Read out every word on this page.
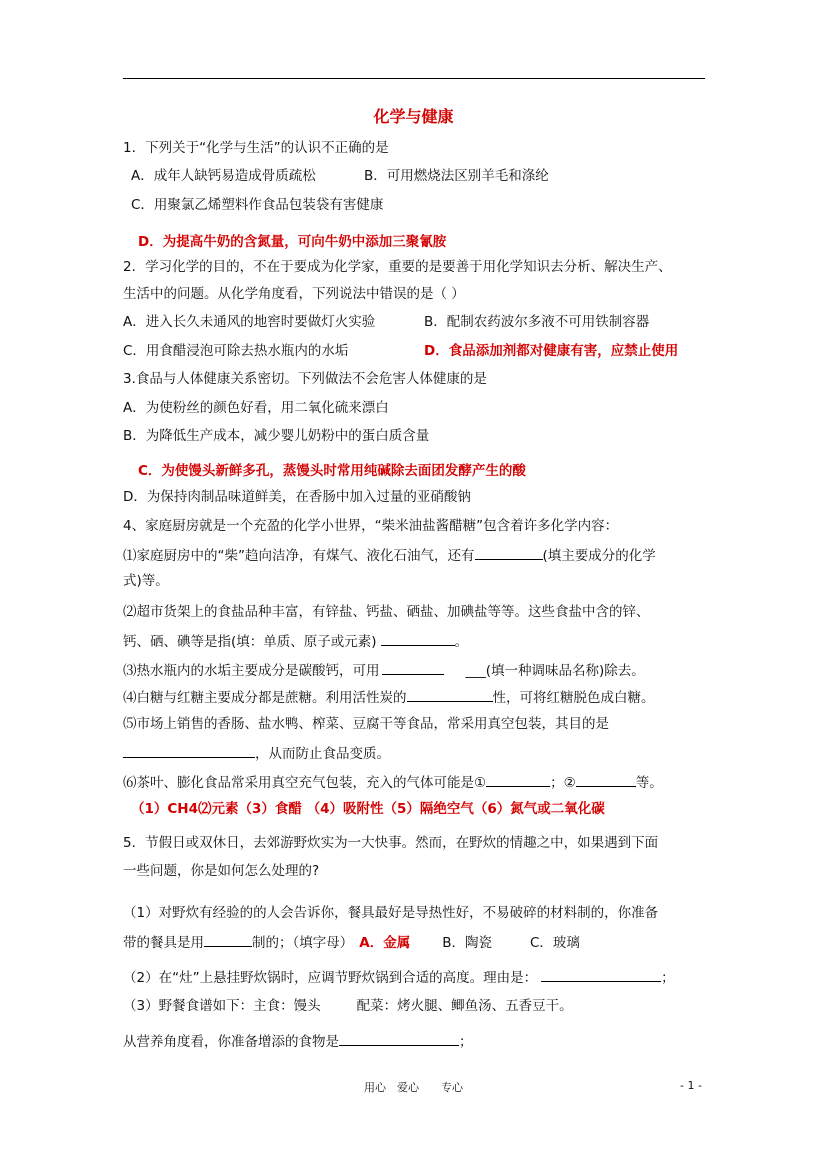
化学与健康
1．下列关于“化学与生活”的认识不正确的是
A．成年人缺钙易造成骨质疏松	B．可用燃烧法区别羊毛和涤纶
C．用聚氯乙烯塑料作食品包装袋有害健康
D．为提高牛奶的含氮量，可向牛奶中添加三聚氰胺
2．学习化学的目的，不在于要成为化学家，重要的是要善于用化学知识去分析、解决生产、
生活中的问题。从化学角度看，下列说法中错误的是（ ）
A．进入长久未通风的地窖时要做灯火实验	B．配制农药波尔多液不可用铁制容器
C．用食醋浸泡可除去热水瓶内的水垢	D．食品添加剂都对健康有害，应禁止使用
3.食品与人体健康关系密切。下列做法不会危害人体健康的是
A．为使粉丝的颜色好看，用二氧化硫来漂白
B．为降低生产成本，减少婴儿奶粉中的蛋白质含量
C．为使馒头新鲜多孔，蒸馒头时常用纯碱除去面团发酵产生的酸
D．为保持肉制品味道鲜美，在香肠中加入过量的亚硝酸钠
4、家庭厨房就是一个充盈的化学小世界，“柴米油盐酱醋糖”包含着许多化学内容：
⑴家庭厨房中的“柴”趋向洁净，有煤气、液化石油气，还有	(填主要成分的化学
式)等。
⑵超市货架上的食盐品种丰富，有锌盐、钙盐、硒盐、加碘盐等等。这些食盐中含的锌、
钙、硒、碘等是指(填：单质、原子或元素)	。
⑶热水瓶内的水垢主要成分是碳酸钙，可用	___(填一种调味品名称)除去。
⑷白糖与红糖主要成分都是蔗糖。利用活性炭的	性，可将红糖脱色成白糖。
⑸市场上销售的香肠、盐水鸭、榨菜、豆腐干等食品，常采用真空包装，其目的是
，从而防止食品变质。
⑹茶叶、膨化食品常采用真空充气包装，充入的气体可能是①	；②	等。
（1）CH4⑵元素（3）食醋 （4）吸附性（5）隔绝空气（6）氮气或二氧化碳
5．节假日或双休日，去郊游野炊实为一大快事。然而，在野炊的情趣之中，如果遇到下面
一些问题，你是如何怎么处理的?
（1）对野炊有经验的的人会告诉你，餐具最好是导热性好，不易破碎的材料制的，你准备
带的餐具是用	制的；（填字母） A．金属 B．陶瓷	C．玻璃
（2）在“灶”上悬挂野炊锅时，应调节野炊锅到合适的高度。理由是：	；
（3）野餐食谱如下：主食：馒头	配菜：烤火腿、鲫鱼汤、五香豆干。
从营养角度看，你准备增添的食物是	；
用心　爱心　　专心	- 1 -
